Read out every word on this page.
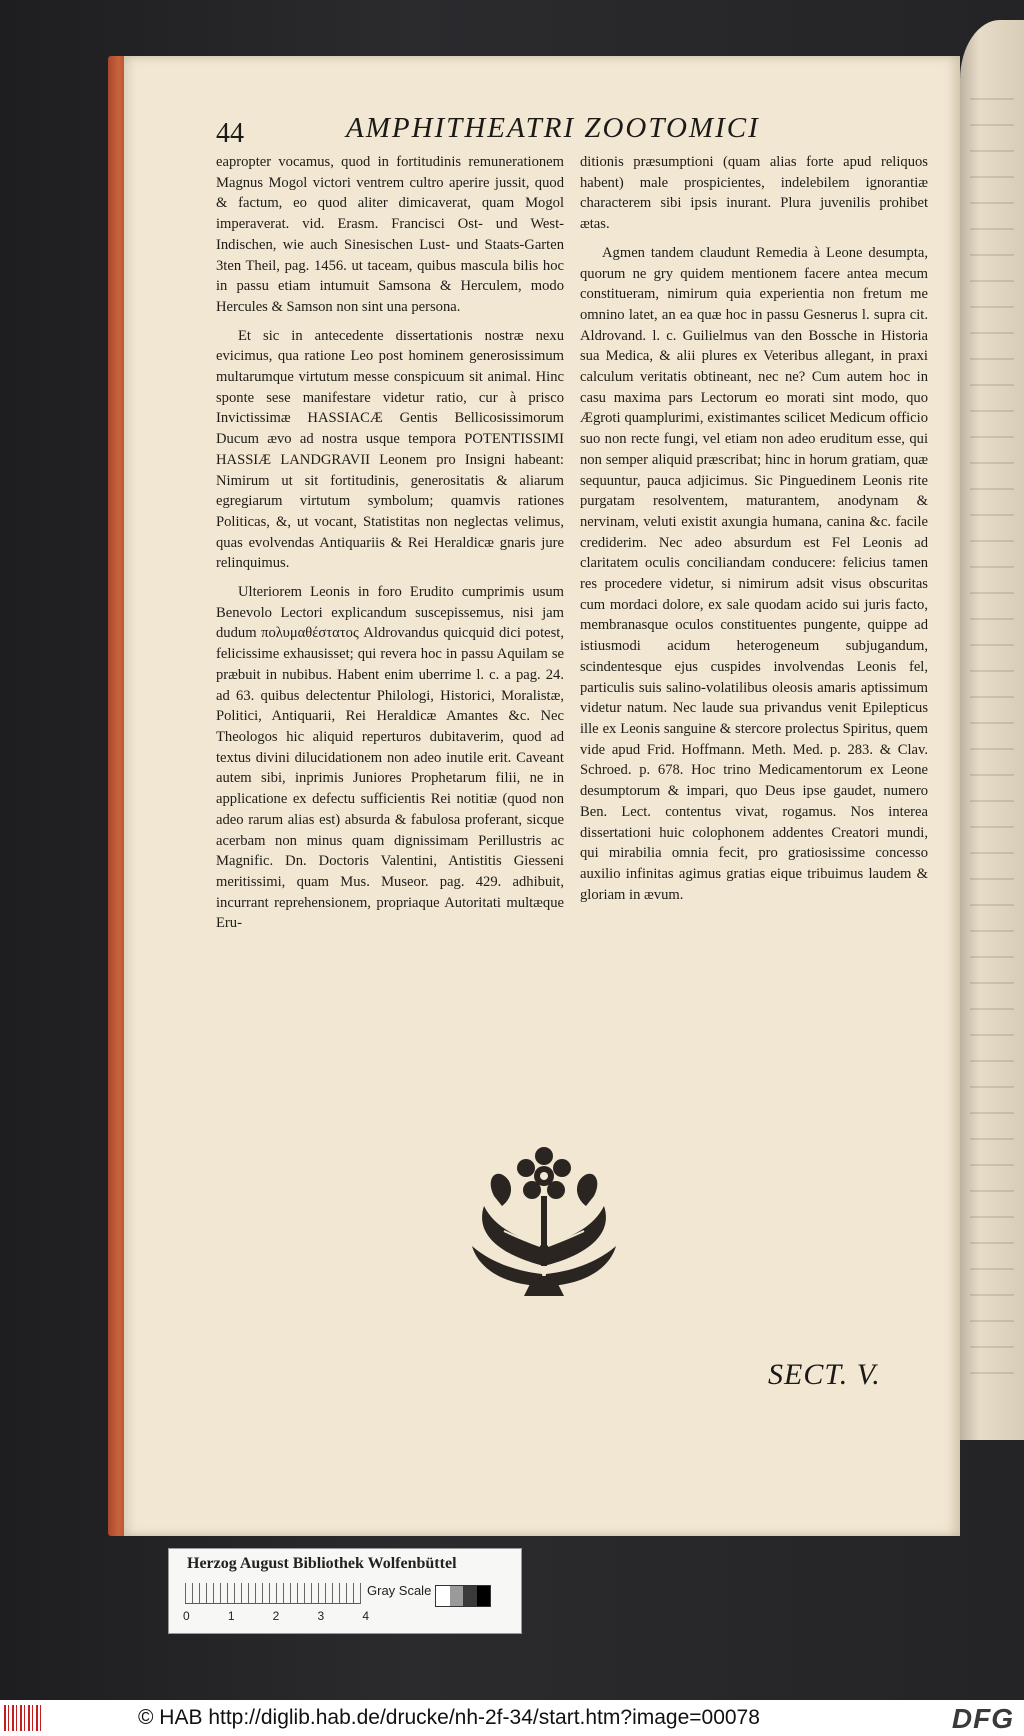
44	AMPHITHEATRI ZOOTOMICI

eapropter vocamus, quod in fortitudinis remunerationem Magnus Mogol victori ventrem cultro aperire jussit, quod & factum, eo quod aliter dimicaverat, quam Mogol imperaverat. vid. Erasm. Francisci Ost- und West- Indischen, wie auch Sinesischen Lust- und Staats-Garten 3ten Theil, pag. 1456. ut taceam, quibus mascula bilis hoc in passu etiam intumuit Samsona & Herculem, modo Hercules & Samson non sint una persona.

Et sic in antecedente dissertationis nostræ nexu evicimus, qua ratione Leo post hominem generosissimum multarumque virtutum messe conspicuum sit animal. Hinc sponte sese manifestare videtur ratio, cur à prisco Invictissimæ HASSIACÆ Gentis Bellicosissimorum Ducum ævo ad nostra usque tempora POTENTISSIMI HASSIÆ LANDGRAVII Leonem pro Insigni habeant: Nimirum ut sit fortitudinis, generositatis & aliarum egregiarum virtutum symbolum; quamvis rationes Politicas, &, ut vocant, Statistitas non neglectas velimus, quas evolvendas Antiquariis & Rei Heraldicæ gnaris jure relinquimus.

Ulteriorem Leonis in foro Erudito cumprimis usum Benevolo Lectori explicandum suscepissemus, nisi jam dudum πολυμαθέστατος Aldrovandus quicquid dici potest, felicissime exhausisset; qui revera hoc in passu Aquilam se præbuit in nubibus. Habent enim uberrime l. c. a pag. 24. ad 63. quibus delectentur Philologi, Historici, Moralistæ, Politici, Antiquarii, Rei Heraldicæ Amantes &c. Nec Theologos hic aliquid reperturos dubitaverim, quod ad textus divini dilucidationem non adeo inutile erit. Caveant autem sibi, inprimis Juniores Prophetarum filii, ne in applicatione ex defectu sufficientis Rei notitiæ (quod non adeo rarum alias est) absurda & fabulosa proferant, sicque acerbam non minus quam dignissimam Perillustris ac Magnific. Dn. Doctoris Valentini, Antistitis Giesseni meritissimi, quam Mus. Museor. pag. 429. adhibuit, incurrant reprehensionem, propriaque Autoritati multæque Eru-

ditionis præsumptioni (quam alias forte apud reliquos habent) male prospicientes, indelebilem ignorantiæ characterem sibi ipsis inurant. Plura juvenilis prohibet ætas.

Agmen tandem claudunt Remedia à Leone desumpta, quorum ne gry quidem mentionem facere antea mecum constitueram, nimirum quia experientia non fretum me omnino latet, an ea quæ hoc in passu Gesnerus l. supra cit. Aldrovand. l. c. Guilielmus van den Bossche in Historia sua Medica, & alii plures ex Veteribus allegant, in praxi calculum veritatis obtineant, nec ne? Cum autem hoc in casu maxima pars Lectorum eo morati sint modo, quo Ægroti quamplurimi, existimantes scilicet Medicum officio suo non recte fungi, vel etiam non adeo eruditum esse, qui non semper aliquid præscribat; hinc in horum gratiam, quæ sequuntur, pauca adjicimus. Sic Pinguedinem Leonis rite purgatam resolventem, maturantem, anodynam & nervinam, veluti existit axungia humana, canina &c. facile crediderim. Nec adeo absurdum est Fel Leonis ad claritatem oculis conciliandam conducere: felicius tamen res procedere videtur, si nimirum adsit visus obscuritas cum mordaci dolore, ex sale quodam acido sui juris facto, membranasque oculos constituentes pungente, quippe ad istiusmodi acidum heterogeneum subjugandum, scindentesque ejus cuspides involvendas Leonis fel, particulis suis salino-volatilibus oleosis amaris aptissimum videtur natum. Nec laude sua privandus venit Epilepticus ille ex Leonis sanguine & stercore prolectus Spiritus, quem vide apud Frid. Hoffmann. Meth. Med. p. 283. & Clav. Schroed. p. 678. Hoc trino Medicamentorum ex Leone desumptorum & impari, quo Deus ipse gaudet, numero Ben. Lect. contentus vivat, rogamus. Nos interea dissertationi huic colophonem addentes Creatori mundi, qui mirabilia omnia fecit, pro gratiosissime concesso auxilio infinitas agimus gratias eique tribuimus laudem & gloriam in ævum.

SECT. V.
Herzog August Bibliothek Wolfenbüttel
Gray Scale
0	1	2	3	4
© HAB http://diglib.hab.de/drucke/nh-2f-34/start.htm?image=00078	DFG
